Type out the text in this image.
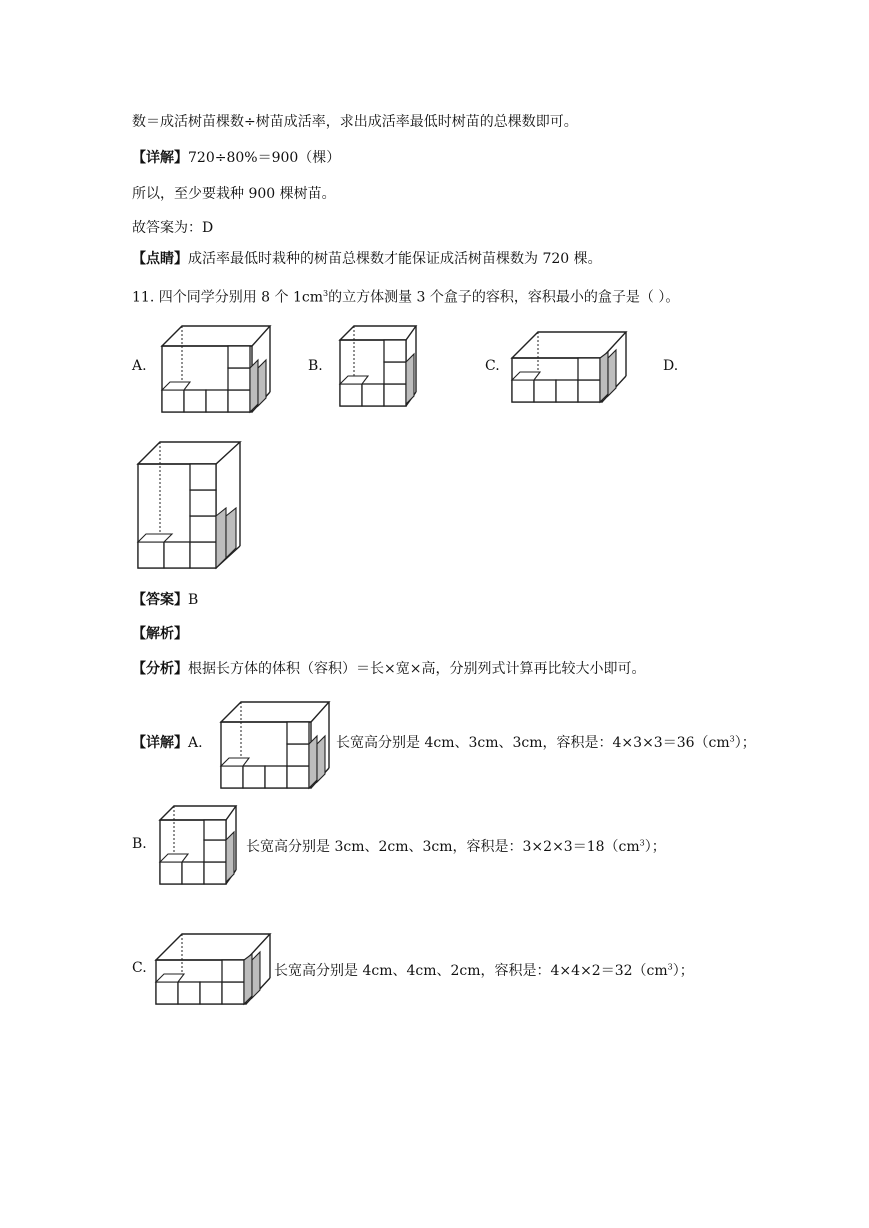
数＝成活树苗棵数÷树苗成活率，求出成活率最低时树苗的总棵数即可。
【详解】720÷80%＝900（棵）
所以，至少要栽种 900 棵树苗。
故答案为：D
【点睛】成活率最低时栽种的树苗总棵数才能保证成活树苗棵数为 720 棵。
11. 四个同学分别用 8 个 $1cm^3$的立方体测量 3 个盒子的容积，容积最小的盒子是（ ）。
A.	B.	C.	D.
【答案】B
【解析】
【分析】根据长方体的体积（容积）＝长×宽×高，分别列式计算再比较大小即可。
【详解】A.	长宽高分别是 4cm、3cm、3cm，容积是：$4\times 3\times 3=36(cm^3)$；
B.	长宽高分别是 3cm、2cm、3cm，容积是：$3\times 2\times 3=18(cm^3)$；
C.	长宽高分别是 4cm、4cm、2cm，容积是：$4\times 4\times 2=32(cm^3)$；
